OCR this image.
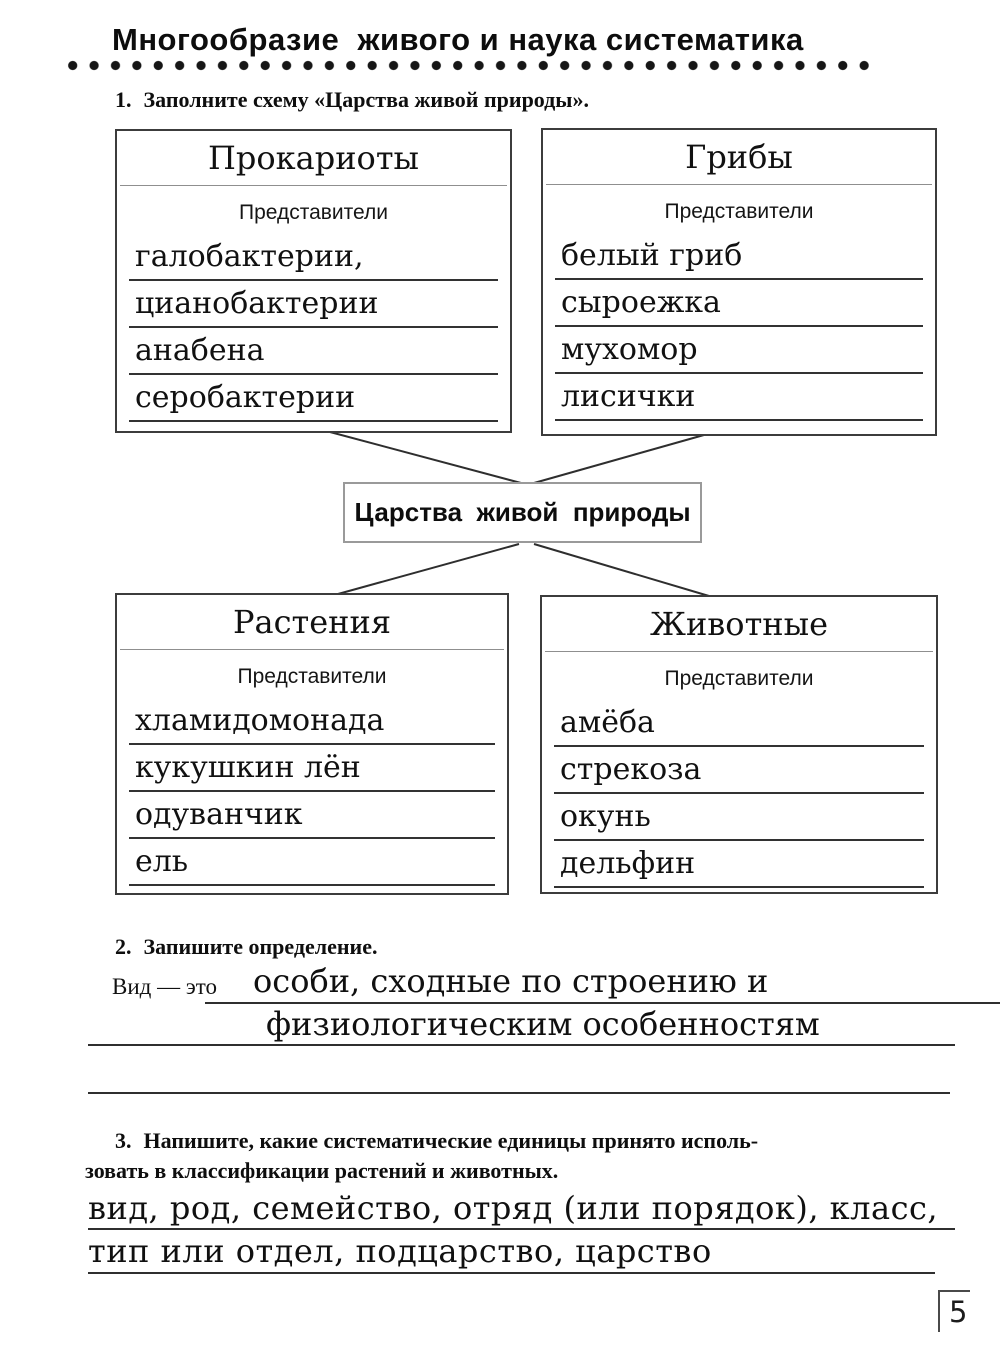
Многообразие  живого и наука систематика
1. Заполните схему «Царства живой природы».
Прокариоты
Представители
галобактерии,
цианобактерии
анабена
серобактерии
Грибы
Представители
белый гриб
сыроежка
мухомор
лисички
Царства  живой  природы
Растения
Представители
хламидомонада
кукушкин лён
одуванчик
ель
Животные
Представители
амёба
стрекоза
окунь
дельфин
2. Запишите определение.
Вид — это	особи, сходные по строению и
физиологическим особенностям
3. Напишите, какие систематические единицы принято исполь-
зовать в классификации растений и животных.
вид, род, семейство, отряд (или порядок), класс,
тип или отдел, подцарство, царство
5
